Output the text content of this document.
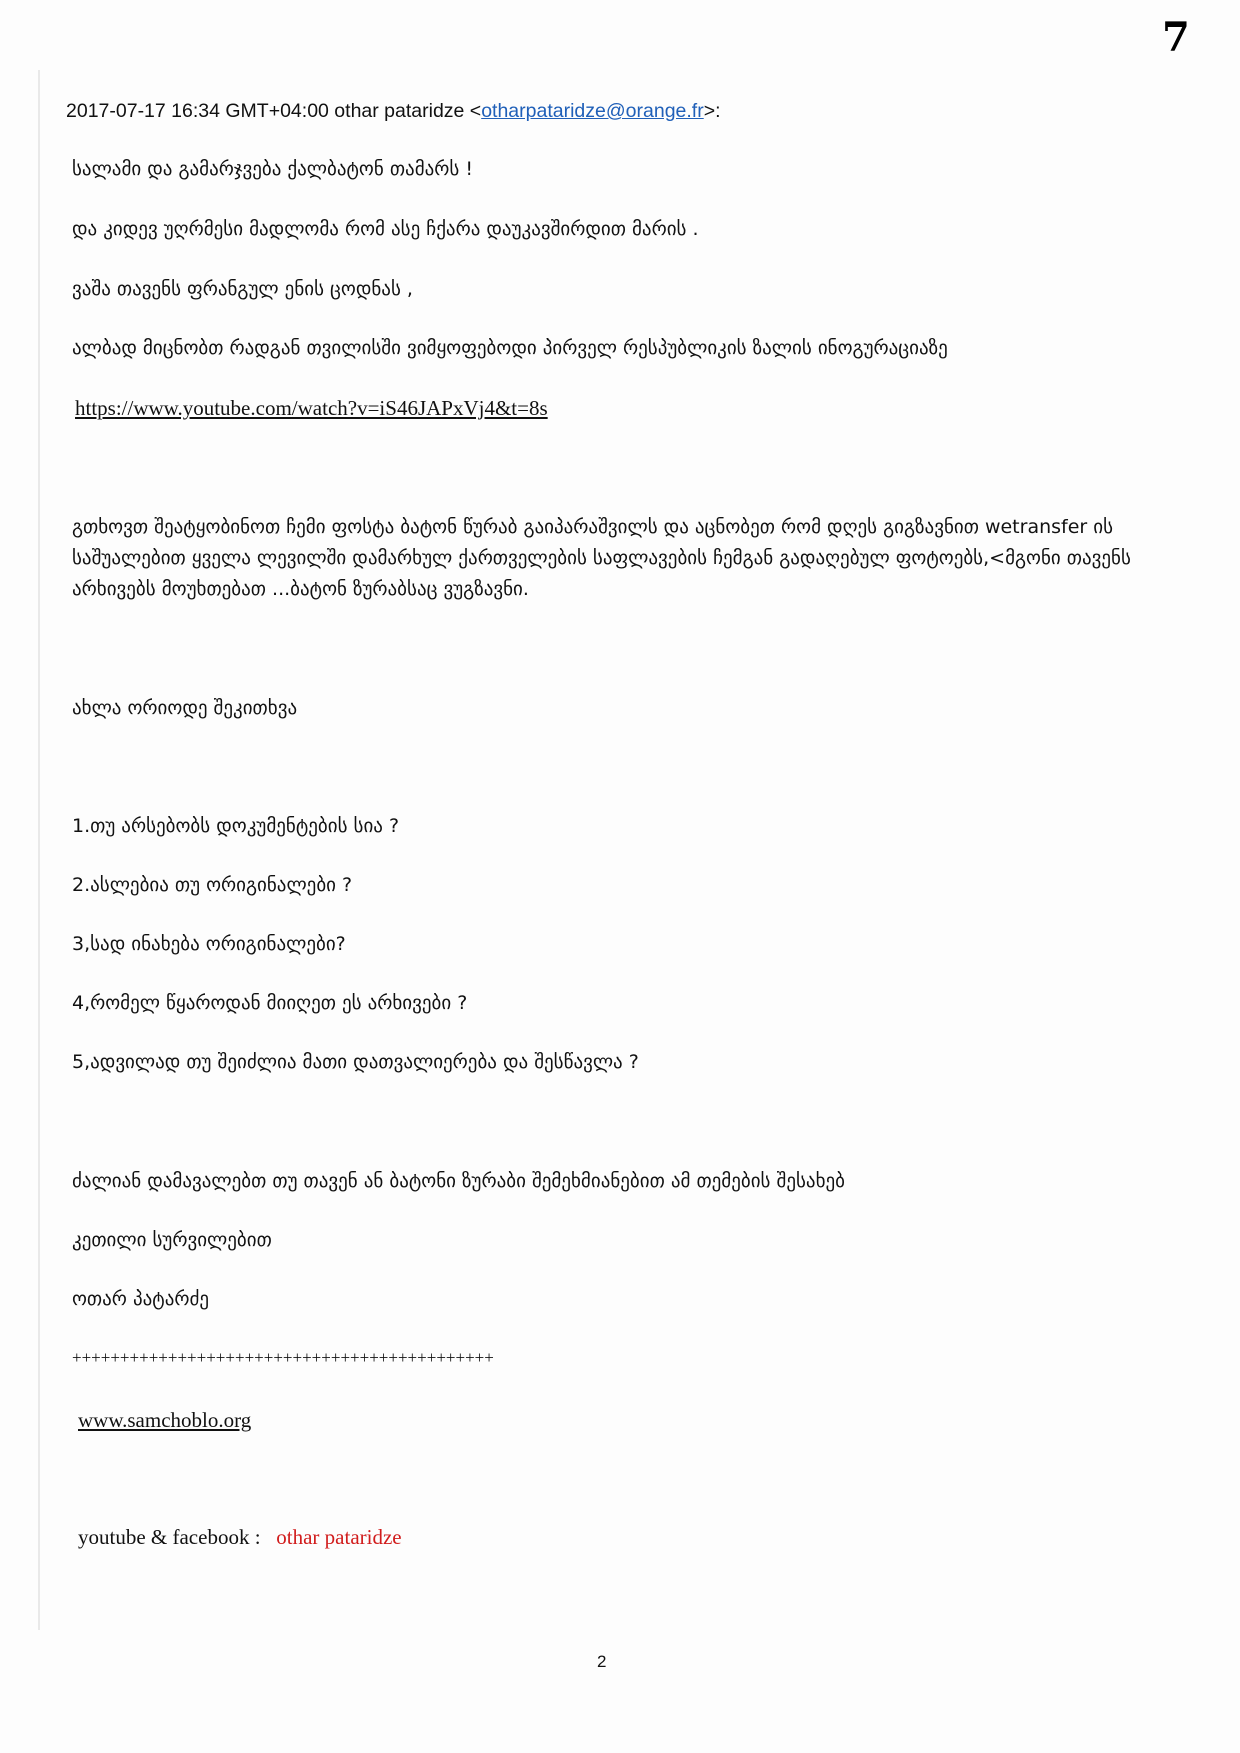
7
2017-07-17 16:34 GMT+04:00 othar pataridze <otharpataridze@orange.fr>:
სალამი და გამარჯვება ქალბატონ თამარს !
და კიდევ უღრმესი მადლომა რომ ასე ჩქარა დაუკავშირდით მარის .
ვაშა თავენს ფრანგულ ენის ცოდნას ,
ალბად მიცნობთ რადგან თვილისში ვიმყოფებოდი პირველ რესპუბლიკის ზალის ინოგურაციაზე
https://www.youtube.com/watch?v=iS46JAPxVj4&t=8s
გთხოვთ შეატყობინოთ ჩემი ფოსტა ბატონ წურაბ გაიპარაშვილს და აცნობეთ რომ დღეს გიგზავნით wetransfer ის საშუალებით ყველა ლევილში დამარხულ ქართველების საფლავების ჩემგან გადაღებულ ფოტოებს,<მგონი თავენს არხივებს მოუხთებათ ...ბატონ ზურაბსაც ვუგზავნი.
ახლა ორიოდე შეკითხვა
1.თუ არსებობს დოკუმენტების სია ?
2.ასლებია თუ ორიგინალები ?
3,სად ინახება ორიგინალები?
4,რომელ წყაროდან მიიღეთ ეს არხივები ?
5,ადვილად თუ შეიძლია მათი დათვალიერება და შესწავლა ?
ძალიან დამავალებთ თუ თავენ ან ბატონი ზურაბი შემეხმიანებით ამ თემების შესახებ
კეთილი სურვილებით
ოთარ პატარძე
++++++++++++++++++++++++++++++++++++++++++++
www.samchoblo.org
youtube & facebook : othar pataridze
2
